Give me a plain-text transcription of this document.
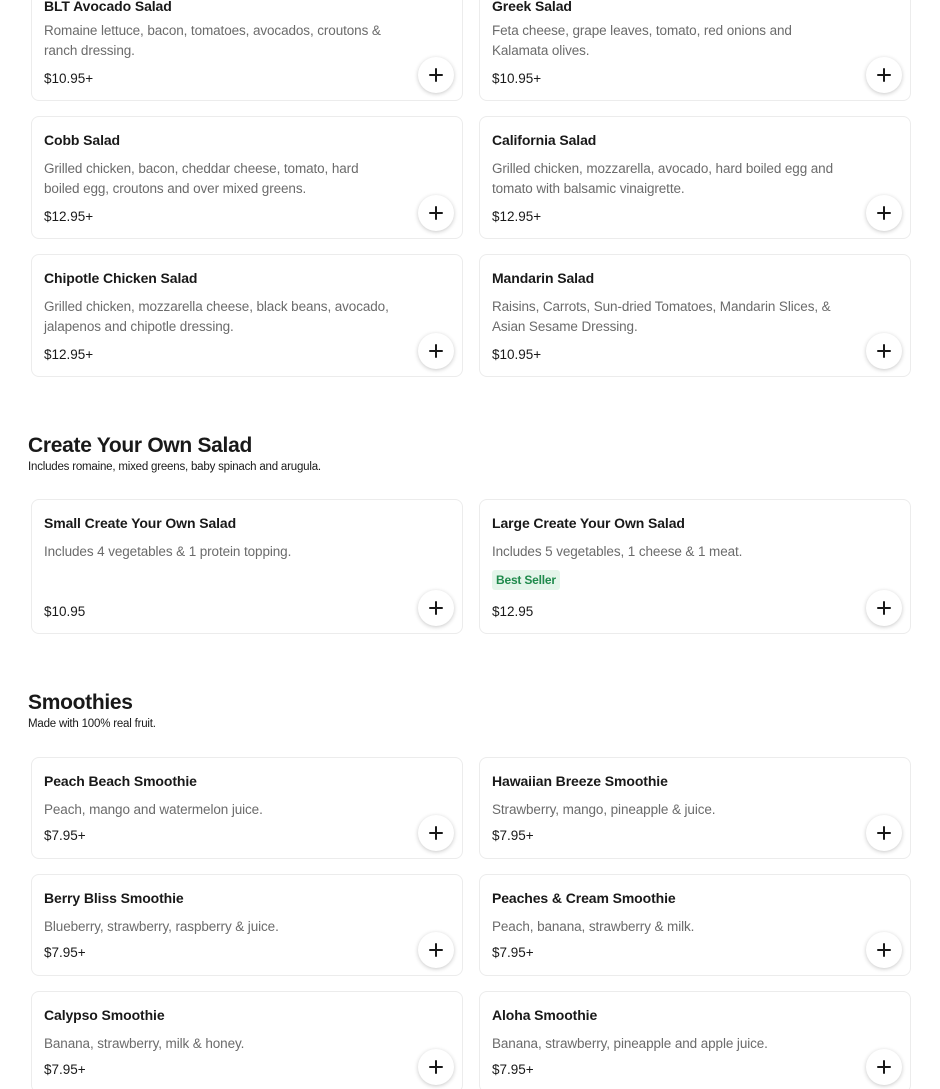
BLT Avocado Salad
Romaine lettuce, bacon, tomatoes, avocados, croutons & ranch dressing.
$10.95+
Greek Salad
Feta cheese, grape leaves, tomato, red onions and Kalamata olives.
$10.95+
Cobb Salad
Grilled chicken, bacon, cheddar cheese, tomato, hard boiled egg, croutons and over mixed greens.
$12.95+
California Salad
Grilled chicken, mozzarella, avocado, hard boiled egg and tomato with balsamic vinaigrette.
$12.95+
Chipotle Chicken Salad
Grilled chicken, mozzarella cheese, black beans, avocado, jalapenos and chipotle dressing.
$12.95+
Mandarin Salad
Raisins, Carrots, Sun-dried Tomatoes, Mandarin Slices, & Asian Sesame Dressing.
$10.95+
Create Your Own Salad
Includes romaine, mixed greens, baby spinach and arugula.
Small Create Your Own Salad
Includes 4 vegetables & 1 protein topping.
$10.95
Large Create Your Own Salad
Includes 5 vegetables, 1 cheese & 1 meat.
Best Seller
$12.95
Smoothies
Made with 100% real fruit.
Peach Beach Smoothie
Peach, mango and watermelon juice.
$7.95+
Hawaiian Breeze Smoothie
Strawberry, mango, pineapple & juice.
$7.95+
Berry Bliss Smoothie
Blueberry, strawberry, raspberry & juice.
$7.95+
Peaches & Cream Smoothie
Peach, banana, strawberry & milk.
$7.95+
Calypso Smoothie
Banana, strawberry, milk & honey.
$7.95+
Aloha Smoothie
Banana, strawberry, pineapple and apple juice.
$7.95+
